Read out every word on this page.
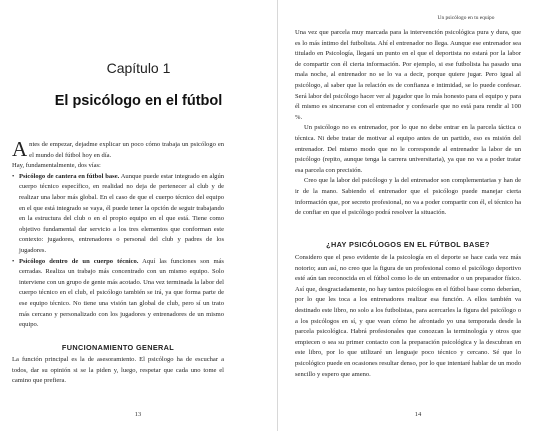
Capítulo 1
El psicólogo en el fútbol

Antes de empezar, dejadme explicar un poco cómo trabaja un psicólogo en el mundo del fútbol hoy en día.

Hay, fundamentalmente, dos vías:

• Psicólogo de cantera en fútbol base. Aunque puede estar integrado en algún cuerpo técnico específico, en realidad no deja de pertenecer al club y de realizar una labor más global. En el caso de que el cuerpo técnico del equipo en el que está integrado se vaya, él puede tener la opción de seguir trabajando en la estructura del club o en el propio equipo en el que está. Tiene como objetivo fundamental dar servicio a los tres elementos que conforman este contexto: jugadores, entrenadores o personal del club y padres de los jugadores.
• Psicólogo dentro de un cuerpo técnico. Aquí las funciones son más cerradas. Realiza un trabajo más concentrado con un mismo equipo. Solo interviene con un grupo de gente más acotado. Una vez terminada la labor del cuerpo técnico en el club, el psicólogo también se irá, ya que forma parte de ese equipo técnico. No tiene una visión tan global de club, pero sí un trato más cercano y personalizado con los jugadores y entrenadores de un mismo equipo.
FUNCIONAMIENTO GENERAL
La función principal es la de asesoramiento. El psicólogo ha de escuchar a todos, dar su opinión si se la piden y, luego, respetar que cada uno tome el camino que prefiera.
13
Un psicólogo en tu equipo

Una vez que parcela muy marcada para la intervención psicológica pura y dura, que es lo más íntimo del futbolista. Ahí el entrenador no llega. Aunque ese entrenador sea titulado en Psicología, llegará un punto en el que el deportista no estará por la labor de compartir con él cierta información. Por ejemplo, si ese futbolista ha pasado una mala noche, al entrenador no se lo va a decir, porque quiere jugar. Pero igual al psicólogo, al saber que la relación es de confianza e intimidad, se lo puede confesar. Será labor del psicólogo hacer ver al jugador que lo más honesto para el equipo y para él mismo es sincerarse con el entrenador y confesarle que no está para rendir al 100 %.

Un psicólogo no es entrenador, por lo que no debe entrar en la parcela táctica o técnica. Ni debe tratar de motivar al equipo antes de un partido, eso es misión del entrenador. Del mismo modo que no le corresponde al entrenador la labor de un psicólogo (repito, aunque tenga la carrera universitaria), ya que no va a poder tratar esa parcela con precisión.

Creo que la labor del psicólogo y la del entrenador son complementarias y han de ir de la mano. Sabiendo el entrenador que el psicólogo puede manejar cierta información que, por secreto profesional, no va a poder compartir con él, el técnico ha de confiar en que el psicólogo podrá resolver la situación.

¿HAY PSICÓLOGOS EN EL FÚTBOL BASE?
Considero que el peso evidente de la psicología en el deporte se hace cada vez más notorio; aun así, no creo que la figura de un profesional como el psicólogo deportivo esté aún tan reconocida en el fútbol como lo de un entrenador o un preparador físico. Así que, desgraciadamente, no hay tantos psicólogos en el fútbol base como deberían, por lo que les toca a los entrenadores realizar esa función. A ellos también va destinado este libro, no solo a los futbolistas, para acercarles la figura del psicólogo o a los psicólogos en sí, y que vean cómo he afrontado yo una temporada desde la parcela psicológica. Habrá profesionales que conozcan la terminología y otros que empiecen o sea su primer contacto con la preparación psicológica y la descubran en este libro, por lo que utilizaré un lenguaje poco técnico y cercano. Sé que lo psicológico puede en ocasiones resultar denso, por lo que intentaré hablar de un modo sencillo y espero que ameno.
14
